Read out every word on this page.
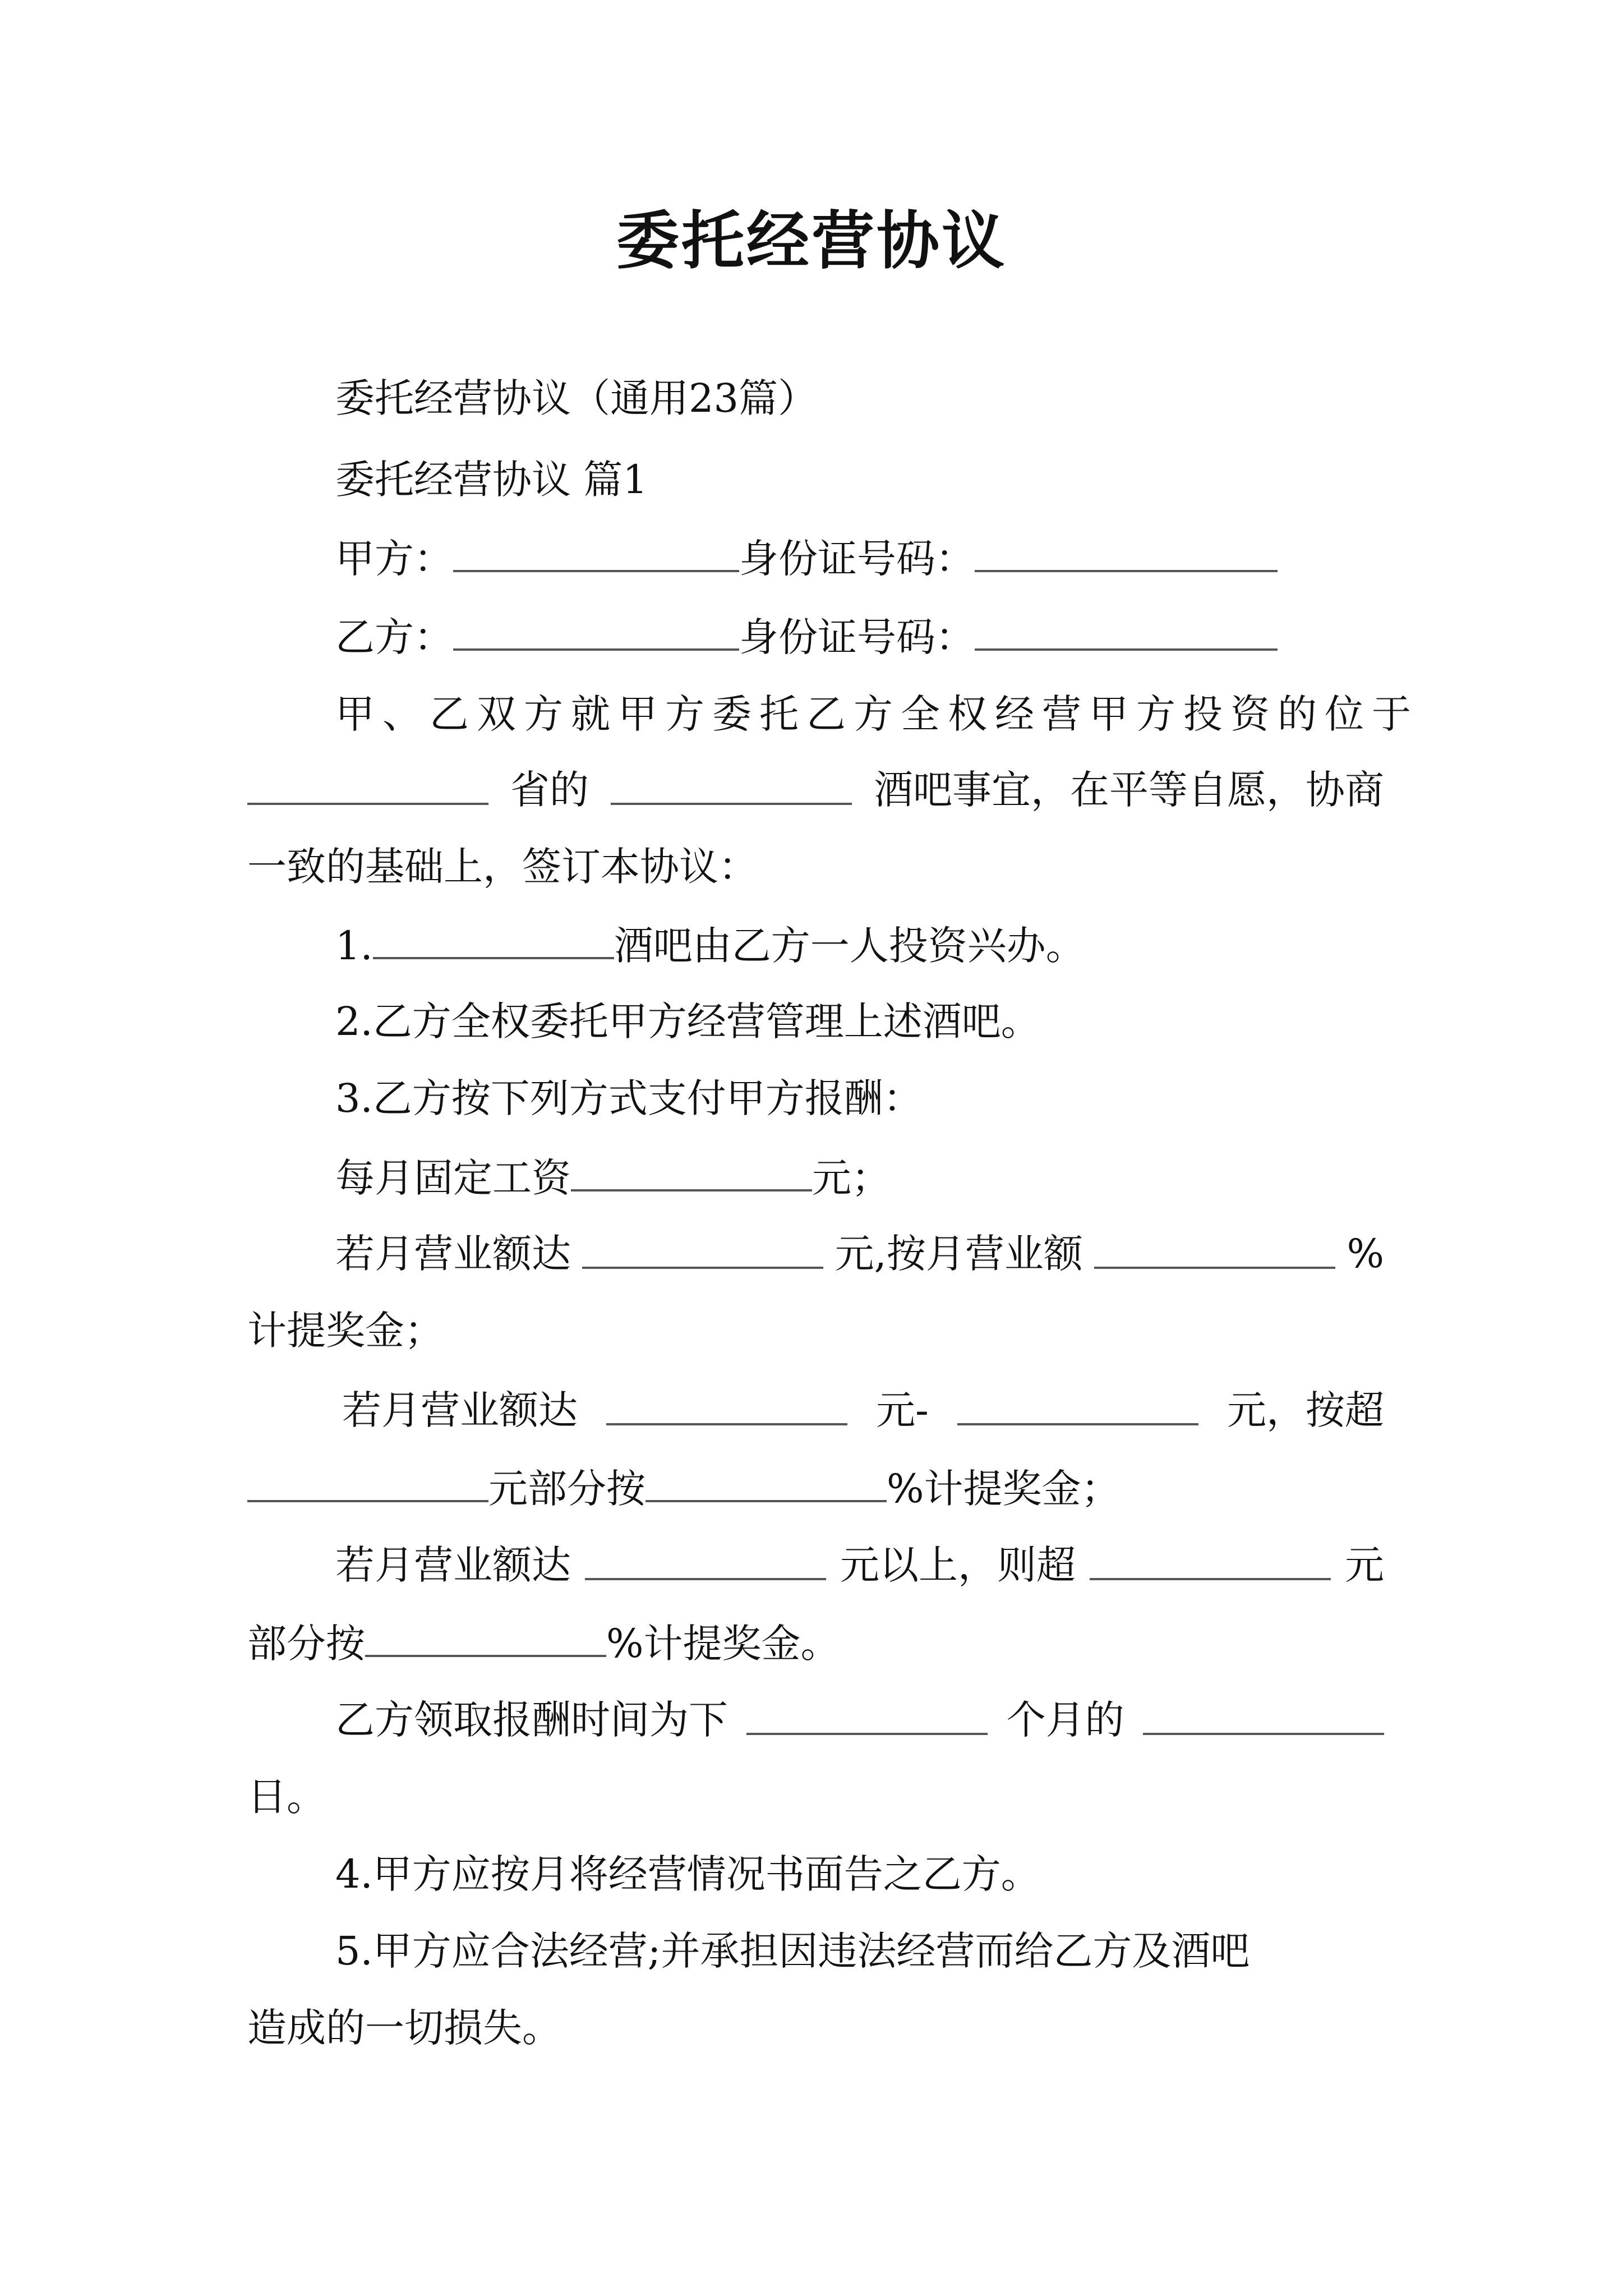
委托经营协议
委托经营协议（通用23篇）
委托经营协议 篇1
甲方：	身份证号码：
乙方：	身份证号码：
甲、乙双方就甲方委托乙方全权经营甲方投资的位于
省的	酒吧事宜，在平等自愿，协商
一致的基础上，签订本协议：
1.	酒吧由乙方一人投资兴办。
2.乙方全权委托甲方经营管理上述酒吧。
3.乙方按下列方式支付甲方报酬：
每月固定工资	元；
若月营业额达	元,按月营业额	%
计提奖金；
若月营业额达	元-	元，按超
元部分按	%计提奖金；
若月营业额达	元以上，则超	元
部分按	%计提奖金。
乙方领取报酬时间为下	个月的
日。
4.甲方应按月将经营情况书面告之乙方。
5.甲方应合法经营;并承担因违法经营而给乙方及酒吧
造成的一切损失。
